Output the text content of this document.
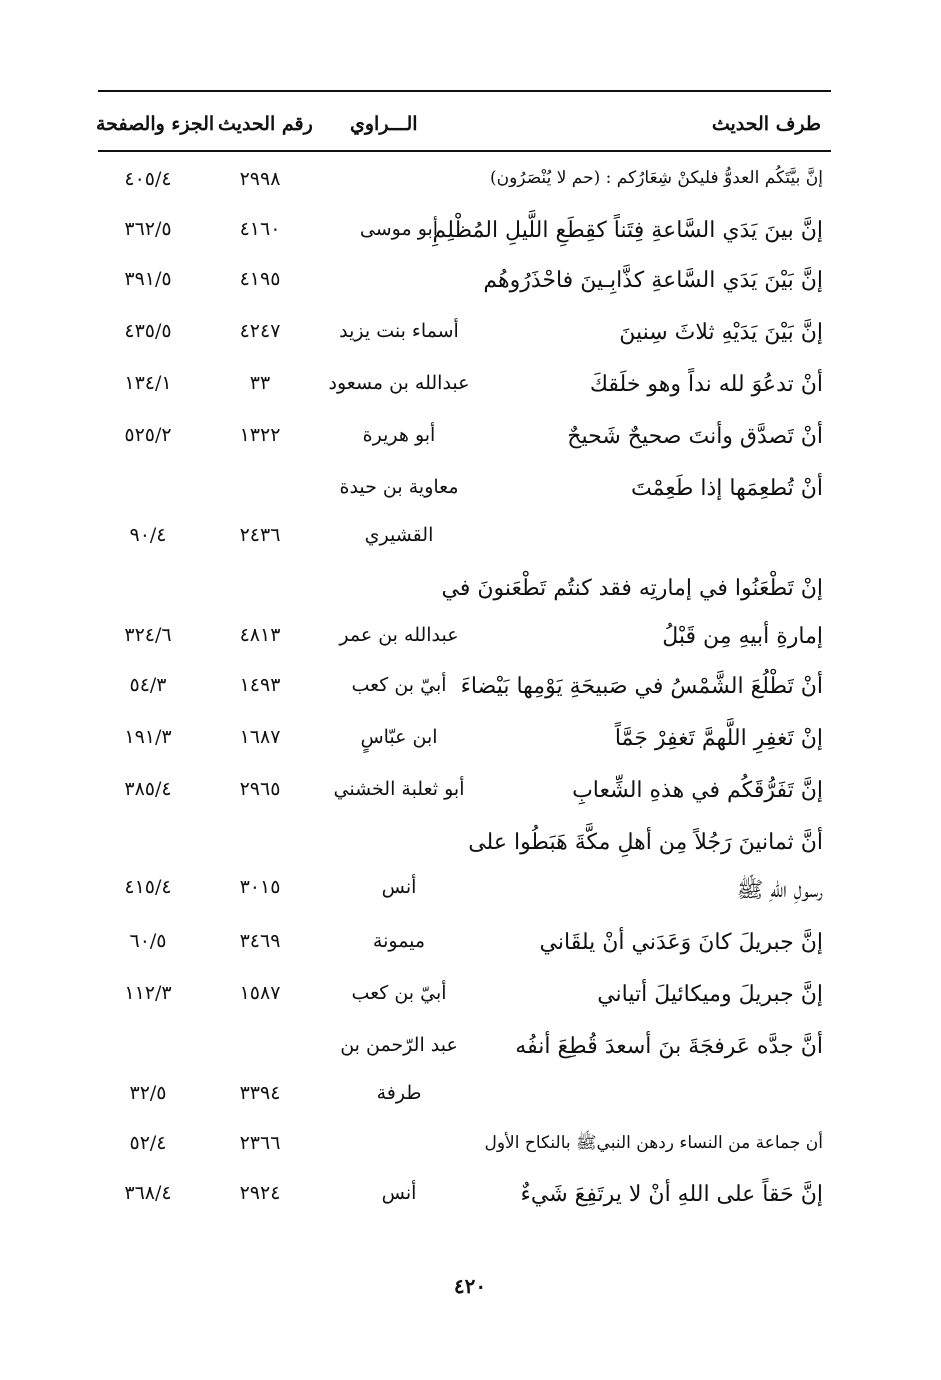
طرف الحديث
الـــراوي
رقم الحديث
الجزء والصفحة
إنَّ بيَّتَكُم العدوُّ فليكنْ شِعَارُكم : (حم لا يُنْصَرُون)
٢٩٩٨
٤٠٥/٤
إنَّ بينَ يَدَي السَّاعةِ فِتَناً كقِطَعِ اللَّيلِ المُظْلِمِ
أبو موسى
٤١٦٠
٣٦٢/٥
إنَّ بَيْنَ يَدَي السَّاعةِ كذَّابِـينَ فاحْذَرُوهُم
٤١٩٥
٣٩١/٥
إنَّ بَيْنَ يَدَيْهِ ثلاثَ سِنينَ
أسماء بنت يزيد
٤٢٤٧
٤٣٥/٥
أنْ تدعُوَ لله نداً وهو خلَقكَ
عبدالله بن مسعود
٣٣
١٣٤/١
أنْ تَصدَّق وأنتَ صحيحٌ شَحيحٌ
أبو هريرة
١٣٢٢
٥٢٥/٢
أنْ تُطعِمَها إذا طَعِمْتَ
معاوية بن حيدة
القشيري
٢٤٣٦
٩٠/٤
إنْ تَطْعَنُوا في إمارتِه فقد كنتُم تَطْعَنونَ في
إمارةِ أبيهِ مِن قَبْلُ
عبدالله بن عمر
٤٨١٣
٣٢٤/٦
أنْ تَطْلُعَ الشَّمْسُ في صَبيحَةِ يَوْمِها بَيْضاءَ
أبيّ بن كعب
١٤٩٣
٥٤/٣
إنْ تَغفِرِ اللَّهمَّ تَغفِرْ جَمَّاً
ابن عبّاسٍ
١٦٨٧
١٩١/٣
إنَّ تَفَرُّقَكُم في هذهِ الشِّعابِ
أبو ثعلبة الخشني
٢٩٦٥
٣٨٥/٤
أنَّ ثمانينَ رَجُلاً مِن أهلِ مكَّةَ هَبَطُوا على
رسولِ اللهِ ﷺ
أنس
٣٠١٥
٤١٥/٤
إنَّ جبريلَ كانَ وَعَدَني أنْ يلقَاني
ميمونة
٣٤٦٩
٦٠/٥
إنَّ جبريلَ وميكائيلَ أتياني
أبيّ بن كعب
١٥٨٧
١١٢/٣
أنَّ جدَّه عَرفجَةَ بنَ أسعدَ قُطِعَ أنفُه
عبد الرّحمن بن
طرفة
٣٣٩٤
٣٢/٥
أن جماعة من النساء ردهن النبيﷺ بالنكاح الأول
٢٣٦٦
٥٢/٤
إنَّ حَقاً على اللهِ أنْ لا يرتَفِعَ شَيءٌ
أنس
٢٩٢٤
٣٦٨/٤
٤٢٠
